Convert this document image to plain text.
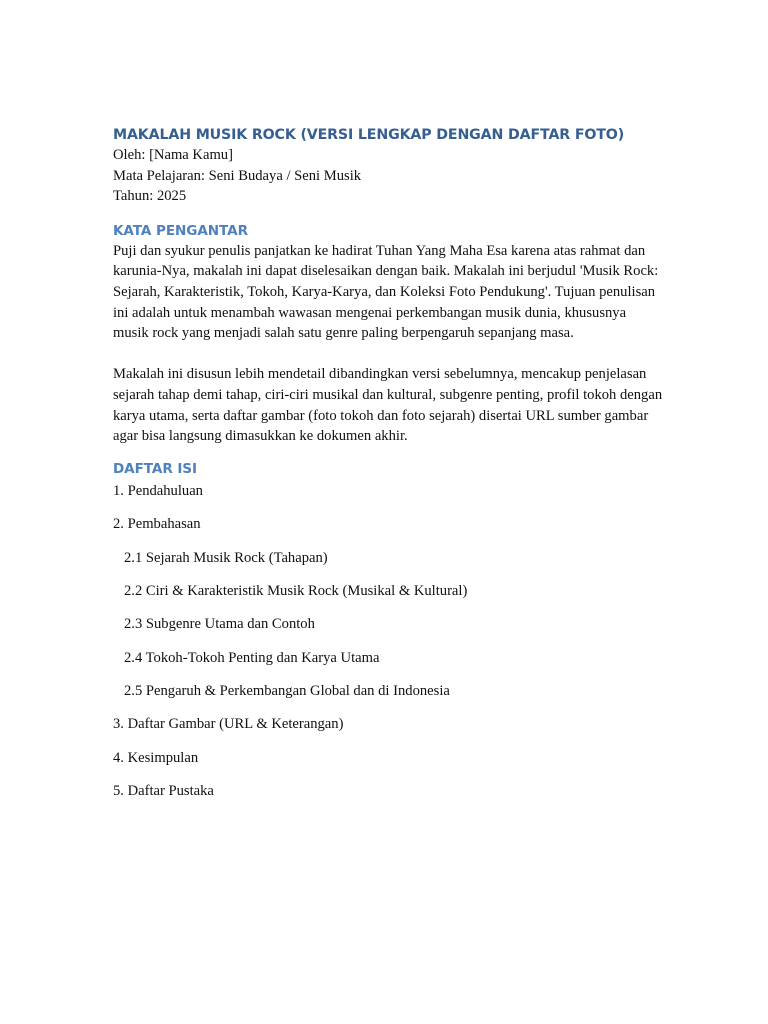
MAKALAH MUSIK ROCK (VERSI LENGKAP DENGAN DAFTAR FOTO)

Oleh: [Nama Kamu]

Mata Pelajaran: Seni Budaya / Seni Musik

Tahun: 2025

KATA PENGANTAR

Puji dan syukur penulis panjatkan ke hadirat Tuhan Yang Maha Esa karena atas rahmat dan karunia-Nya, makalah ini dapat diselesaikan dengan baik. Makalah ini berjudul 'Musik Rock: Sejarah, Karakteristik, Tokoh, Karya-Karya, dan Koleksi Foto Pendukung'. Tujuan penulisan ini adalah untuk menambah wawasan mengenai perkembangan musik dunia, khususnya musik rock yang menjadi salah satu genre paling berpengaruh sepanjang masa.

Makalah ini disusun lebih mendetail dibandingkan versi sebelumnya, mencakup penjelasan sejarah tahap demi tahap, ciri-ciri musikal dan kultural, subgenre penting, profil tokoh dengan karya utama, serta daftar gambar (foto tokoh dan foto sejarah) disertai URL sumber gambar agar bisa langsung dimasukkan ke dokumen akhir.

DAFTAR ISI

1. Pendahuluan

2. Pembahasan

2.1 Sejarah Musik Rock (Tahapan)

2.2 Ciri & Karakteristik Musik Rock (Musikal & Kultural)

2.3 Subgenre Utama dan Contoh

2.4 Tokoh-Tokoh Penting dan Karya Utama

2.5 Pengaruh & Perkembangan Global dan di Indonesia

3. Daftar Gambar (URL & Keterangan)

4. Kesimpulan

5. Daftar Pustaka
